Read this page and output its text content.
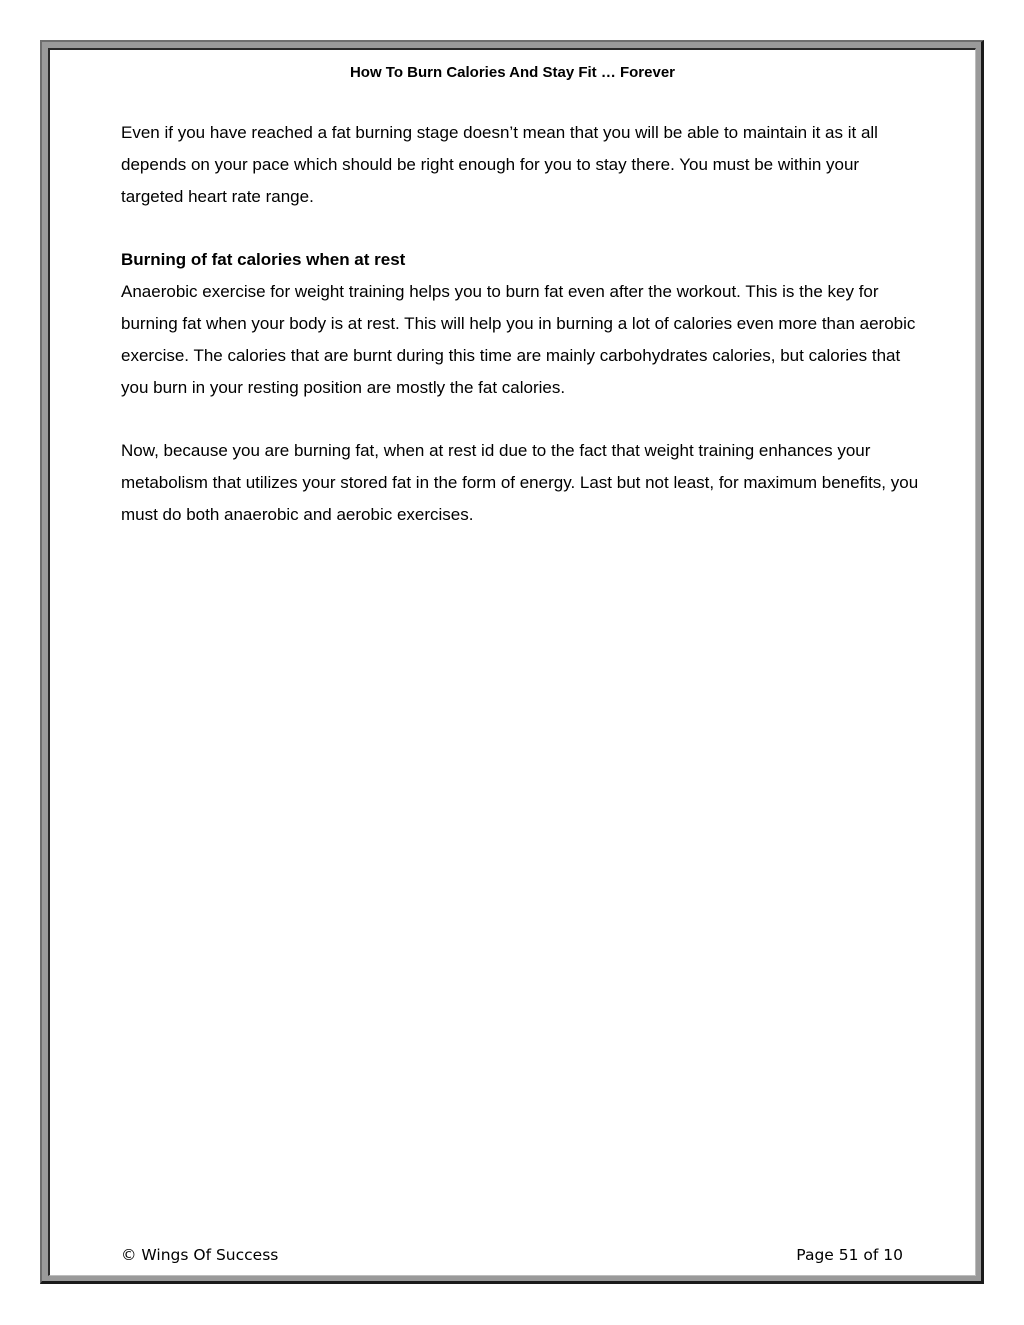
How To Burn Calories And Stay Fit … Forever

Even if you have reached a fat burning stage doesn’t mean that you will be able to maintain it as it all depends on your pace which should be right enough for you to stay there. You must be within your targeted heart rate range.

Burning of fat calories when at rest

Anaerobic exercise for weight training helps you to burn fat even after the workout. This is the key for burning fat when your body is at rest. This will help you in burning a lot of calories even more than aerobic exercise. The calories that are burnt during this time are mainly carbohydrates calories, but calories that you burn in your resting position are mostly the fat calories.

Now, because you are burning fat, when at rest id due to the fact that weight training enhances your metabolism that utilizes your stored fat in the form of energy. Last but not least, for maximum benefits, you must do both anaerobic and aerobic exercises.

© Wings Of Success	Page 51 of 10
